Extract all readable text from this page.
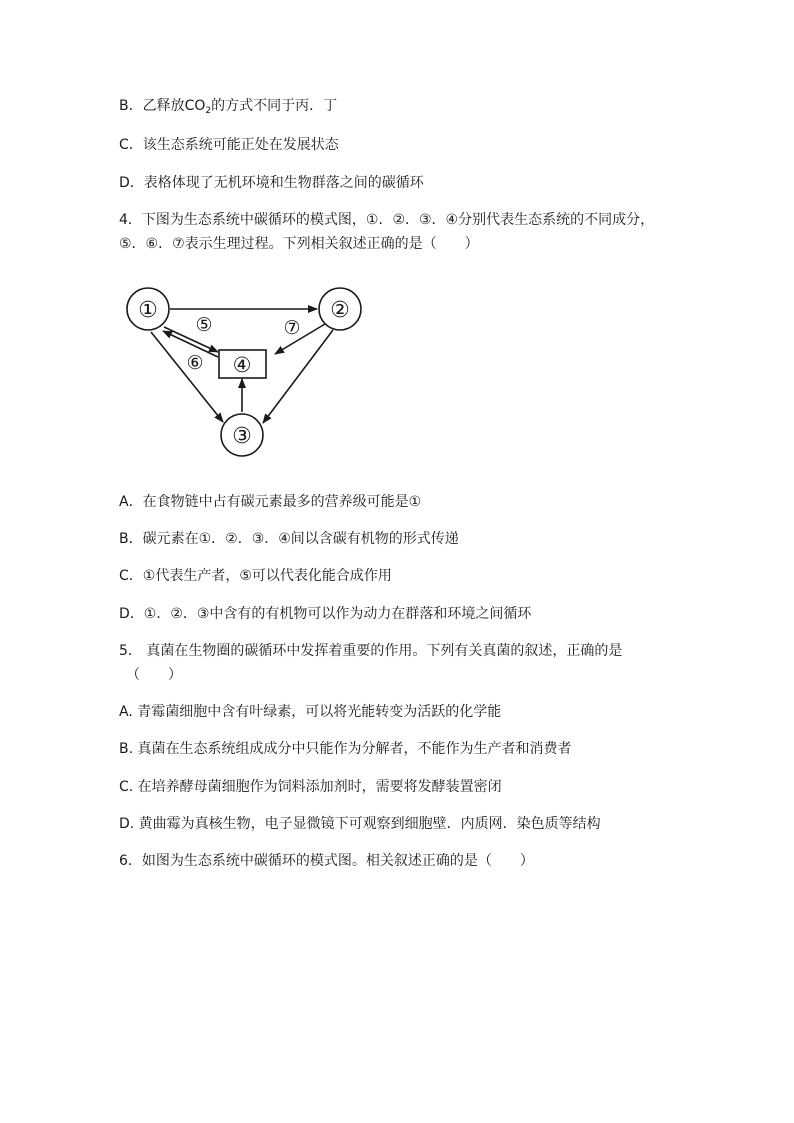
B．乙释放$CO_2$的方式不同于丙．丁
C．该生态系统可能正处在发展状态
D．表格体现了无机环境和生物群落之间的碳循环
4．下图为生态系统中碳循环的模式图，①．②．③．④分别代表生态系统的不同成分，
⑤．⑥．⑦表示生理过程。下列相关叙述正确的是（　　）
①	②
③
④
⑤
⑥
⑦
A．在食物链中占有碳元素最多的营养级可能是①
B．碳元素在①．②．③．④间以含碳有机物的形式传递
C．①代表生产者，⑤可以代表化能合成作用
D．①．②．③中含有的有机物可以作为动力在群落和环境之间循环
5． 真菌在生物圈的碳循环中发挥着重要的作用。下列有关真菌的叙述，正确的是
（　　）
A. 青霉菌细胞中含有叶绿素，可以将光能转变为活跃的化学能
B. 真菌在生态系统组成成分中只能作为分解者，不能作为生产者和消费者
C. 在培养酵母菌细胞作为饲料添加剂时，需要将发酵装置密闭
D. 黄曲霉为真核生物，电子显微镜下可观察到细胞壁．内质网．染色质等结构
6．如图为生态系统中碳循环的模式图。相关叙述正确的是（　　）
